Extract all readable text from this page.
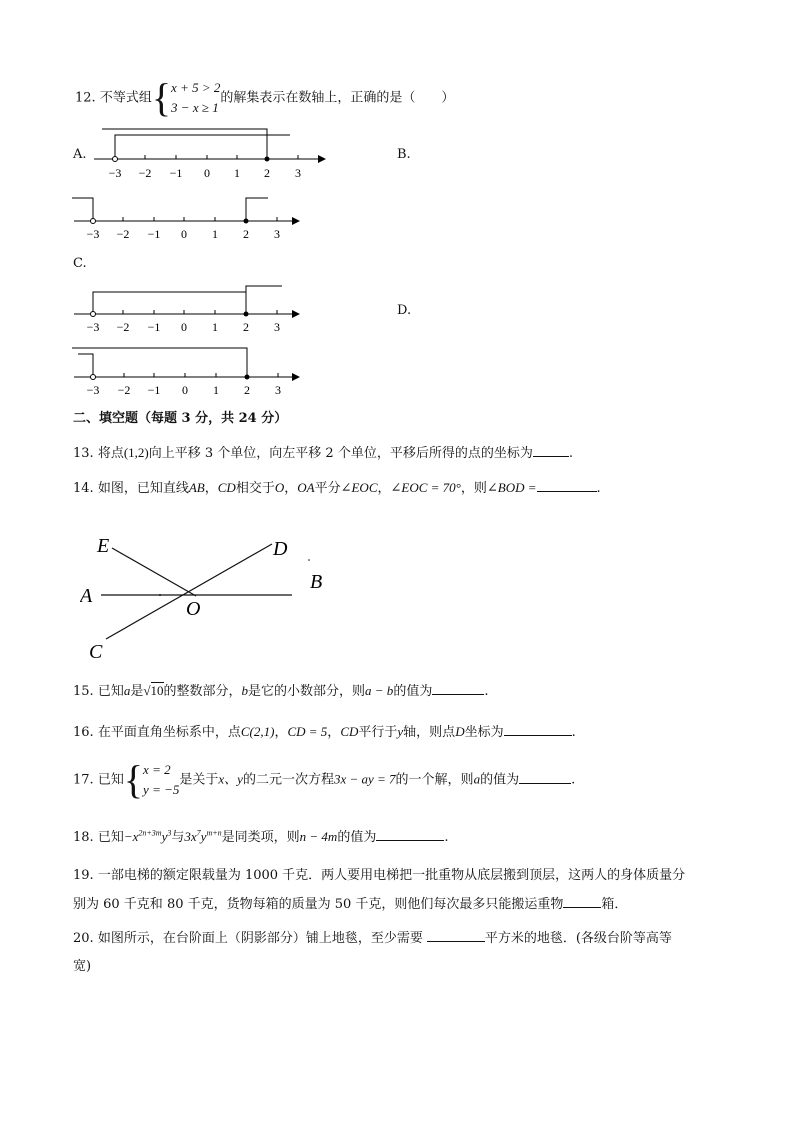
12. 不等式组{x + 5 > 2
3 − x ≥ 1的解集表示在数轴上，正确的是（　　）
A.	B.
C.
D.
−3 −2 −1 0 1 2 3
−3 −2 −1 0 1 2 3
−3 −2 −1 0 1 2 3
−3 −2 −1 0 1 2 3
二、填空题（每题 3 分，共 24 分）
13. 将点(1,2)向上平移 3 个单位，向左平移 2 个单位，平移后所得的点的坐标为	.
14. 如图，已知直线AB，CD相交于O，OA平分∠EOC，∠EOC = 70°，则∠BOD =	.
E	D
A
O
B
C
15. 已知a是√10的整数部分，b是它的小数部分，则a − b的值为	.
16. 在平面直角坐标系中，点C(2,1)，CD = 5，CD平行于y轴，则点D坐标为	.
17. 已知{x = 2
y = −5是关于x、y的二元一次方程3x − ay = 7的一个解，则a的值为	.
18. 已知$-x^{2n+3m}y^3$与$3x^7y^{m+n}$是同类项，则n − 4m的值为	.
19. 一部电梯的额定限载量为 1000 千克．两人要用电梯把一批重物从底层搬到顶层，这两人的身体质量分
别为 60 千克和 80 千克，货物每箱的质量为 50 千克，则他们每次最多只能搬运重物	箱．
20. 如图所示，在台阶面上（阴影部分）铺上地毯，至少需要	平方米的地毯．(各级台阶等高等
宽)
